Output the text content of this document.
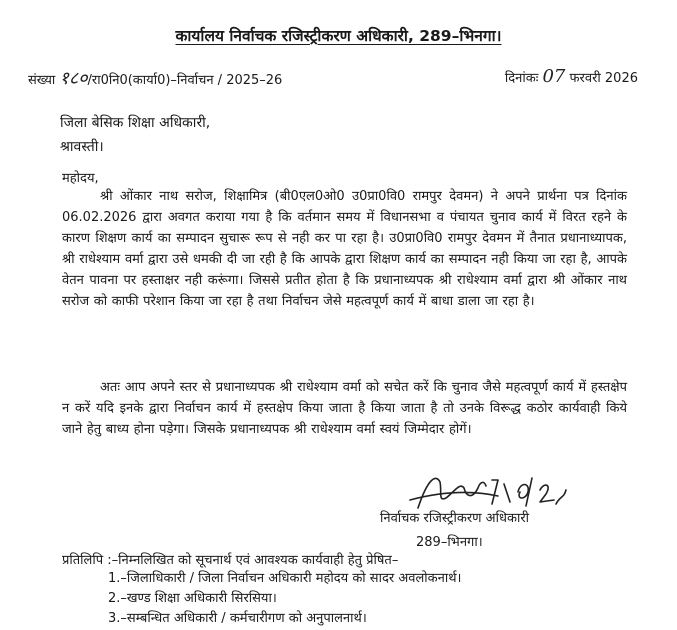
कार्यालय निर्वाचक रजिस्ट्रीकरण अधिकारी, 289–भिनगा।
संख्या १८०/रा0नि0(कार्या0)–निर्वाचन / 2025–26	दिनांकः 07 फरवरी 2026
जिला बेसिक शिक्षा अधिकारी,
श्रावस्ती।
महोदय,
श्री ओंकार नाथ सरोज, शिक्षामित्र (बी0एल0ओ0 उ0प्रा0वि0 रामपुर देवमन) ने अपने प्रार्थना पत्र दिनांक 06.02.2026 द्वारा अवगत कराया गया है कि वर्तमान समय में विधानसभा व पंचायत चुनाव कार्य में विरत रहने के कारण शिक्षण कार्य का सम्पादन सुचारू रूप से नही कर पा रहा है। उ0प्रा0वि0 रामपुर देवमन में तैनात प्रधानाध्यापक, श्री राधेश्याम वर्मा द्वारा उसे धमकी दी जा रही है कि आपके द्वारा शिक्षण कार्य का सम्पादन नही किया जा रहा है, आपके वेतन पावना पर हस्ताक्षर नही करूंगा। जिससे प्रतीत होता है कि प्रधानाध्यपक श्री राधेश्याम वर्मा द्वारा श्री ओंकार नाथ सरोज को काफी परेशान किया जा रहा है तथा निर्वाचन जेसे महत्वपूर्ण कार्य में बाधा डाला जा रहा है।
अतः आप अपने स्तर से प्रधानाध्यपक श्री राधेश्याम वर्मा को सचेत करें कि चुनाव जैसे महत्वपूर्ण कार्य में हस्तक्षेप न करें यदि इनके द्वारा निर्वाचन कार्य में हस्तक्षेप किया जाता है किया जाता है तो उनके विरूद्ध कठोर कार्यवाही किये जाने हेतु बाध्य होना पड़ेगा। जिसके प्रधानाध्यपक श्री राधेश्याम वर्मा स्वयं जिम्मेदार होगें।
निर्वाचक रजिस्ट्रीकरण अधिकारी
289–भिनगा।
प्रतिलिपि :–निम्नलिखित को सूचनार्थ एवं आवश्यक कार्यवाही हेतु प्रेषित–
1.–जिलाधिकारी / जिला निर्वाचन अधिकारी महोदय को सादर अवलोकनार्थ।
2.–खण्ड शिक्षा अधिकारी सिरसिया।
3.–सम्बन्धित अधिकारी / कर्मचारीगण को अनुपालनार्थ।
